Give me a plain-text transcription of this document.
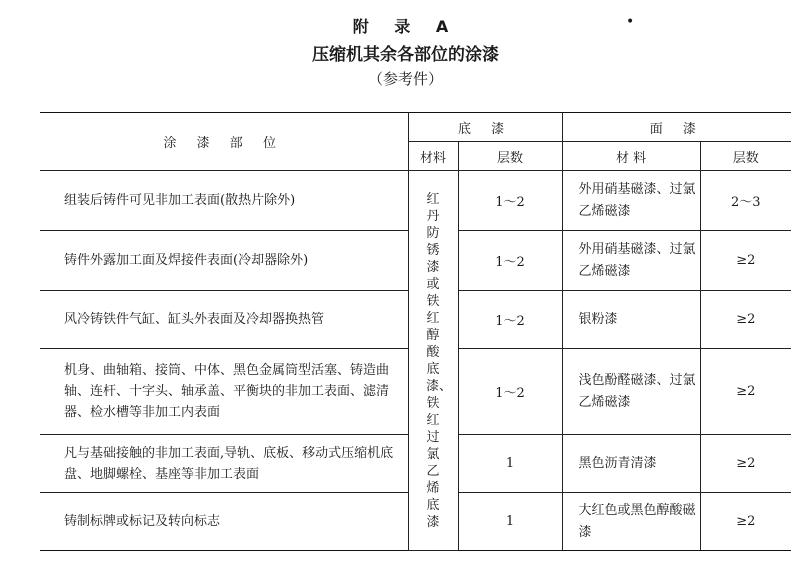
附 录 A	•
压缩机其余各部位的涂漆
（参考件）
涂 漆 部 位	底 漆		面 漆	
	材料	层数	材 料	层数
组装后铸件可见非加工表面(散热片除外)	红丹防锈漆或铁红醇酸底漆、铁红过氯乙烯底漆	1～2	外用硝基磁漆、过氯乙烯磁漆	2～3
铸件外露加工面及焊接件表面(冷却器除外)		1～2	外用硝基磁漆、过氯乙烯磁漆	≥2
风冷铸铁件气缸、缸头外表面及冷却器换热管		1～2	银粉漆	≥2
机身、曲轴箱、接筒、中体、黑色金属筒型活塞、铸造曲轴、连杆、十字头、轴承盖、平衡块的非加工表面、滤清器、检水槽等非加工内表面		1～2	浅色酚醛磁漆、过氯乙烯磁漆	≥2
凡与基础接触的非加工表面,导轨、底板、移动式压缩机底盘、地脚螺栓、基座等非加工表面		1	黑色沥青清漆	≥2
铸制标牌或标记及转向标志		1	大红色或黑色醇酸磁漆	≥2
